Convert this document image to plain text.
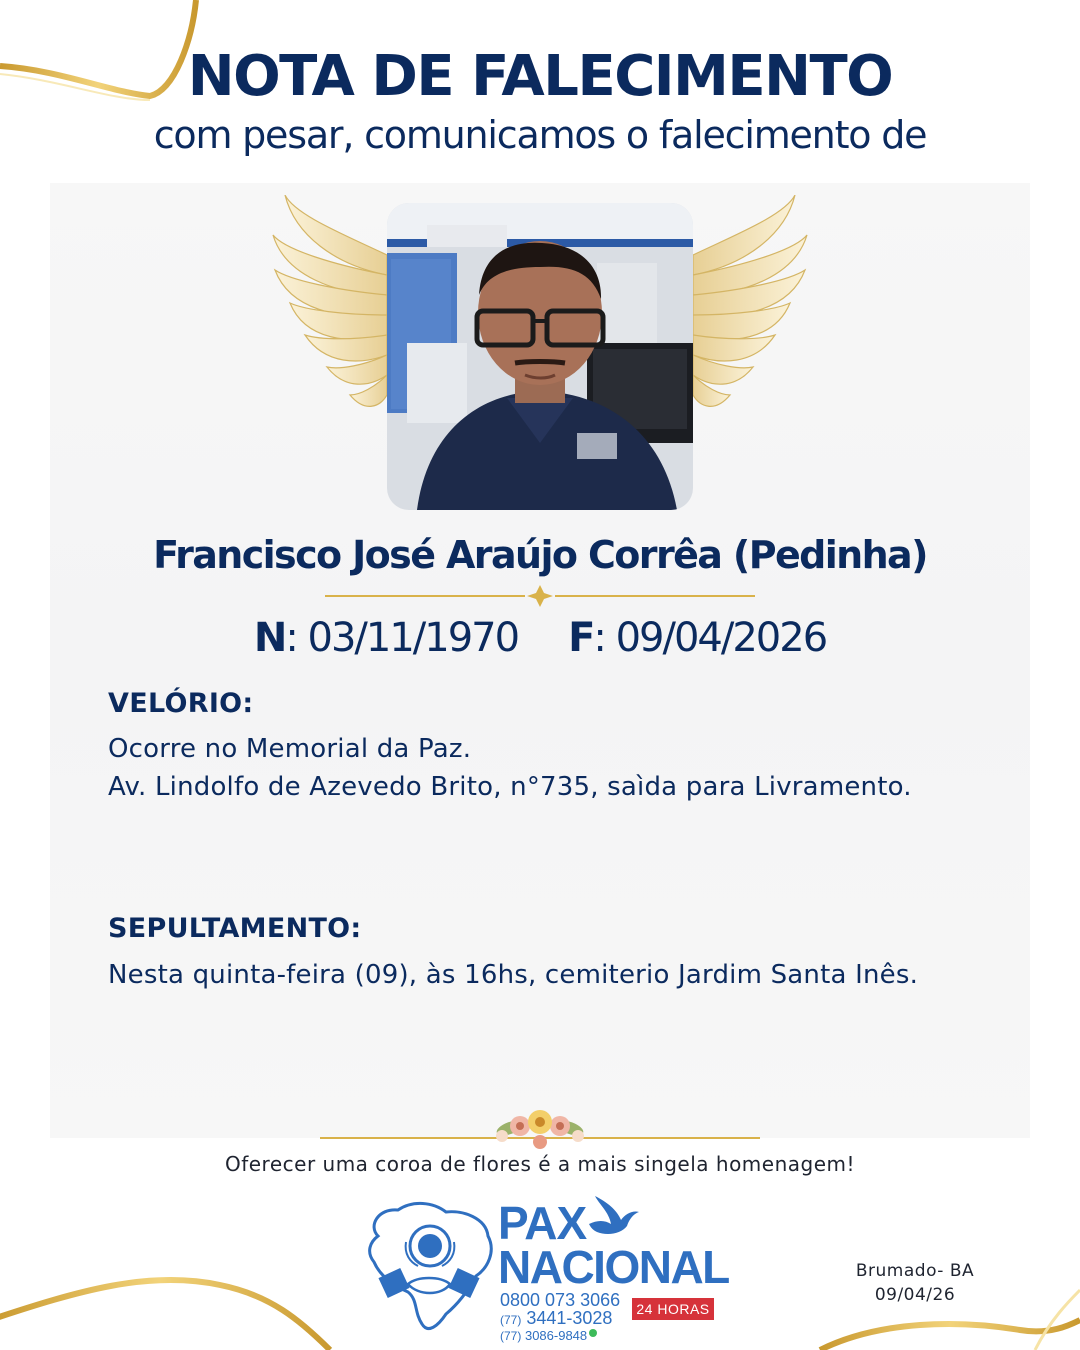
NOTA DE FALECIMENTO
com pesar, comunicamos o falecimento de
Francisco José Araújo Corrêa (Pedinha)
N: 03/11/1970 F: 09/04/2026
VELÓRIO:
Ocorre no Memorial da Paz.
Av. Lindolfo de Azevedo Brito, n°735, saìda para Livramento.
SEPULTAMENTO:
Nesta quinta-feira (09), às 16hs, cemiterio Jardim Santa Inês.
Oferecer uma coroa de flores é a mais singela homenagem!
PAX
NACIONAL
0800 073 3066
(77) 3441-3028
(77) 3086-9848
24 HORAS
Brumado- BA
09/04/26
